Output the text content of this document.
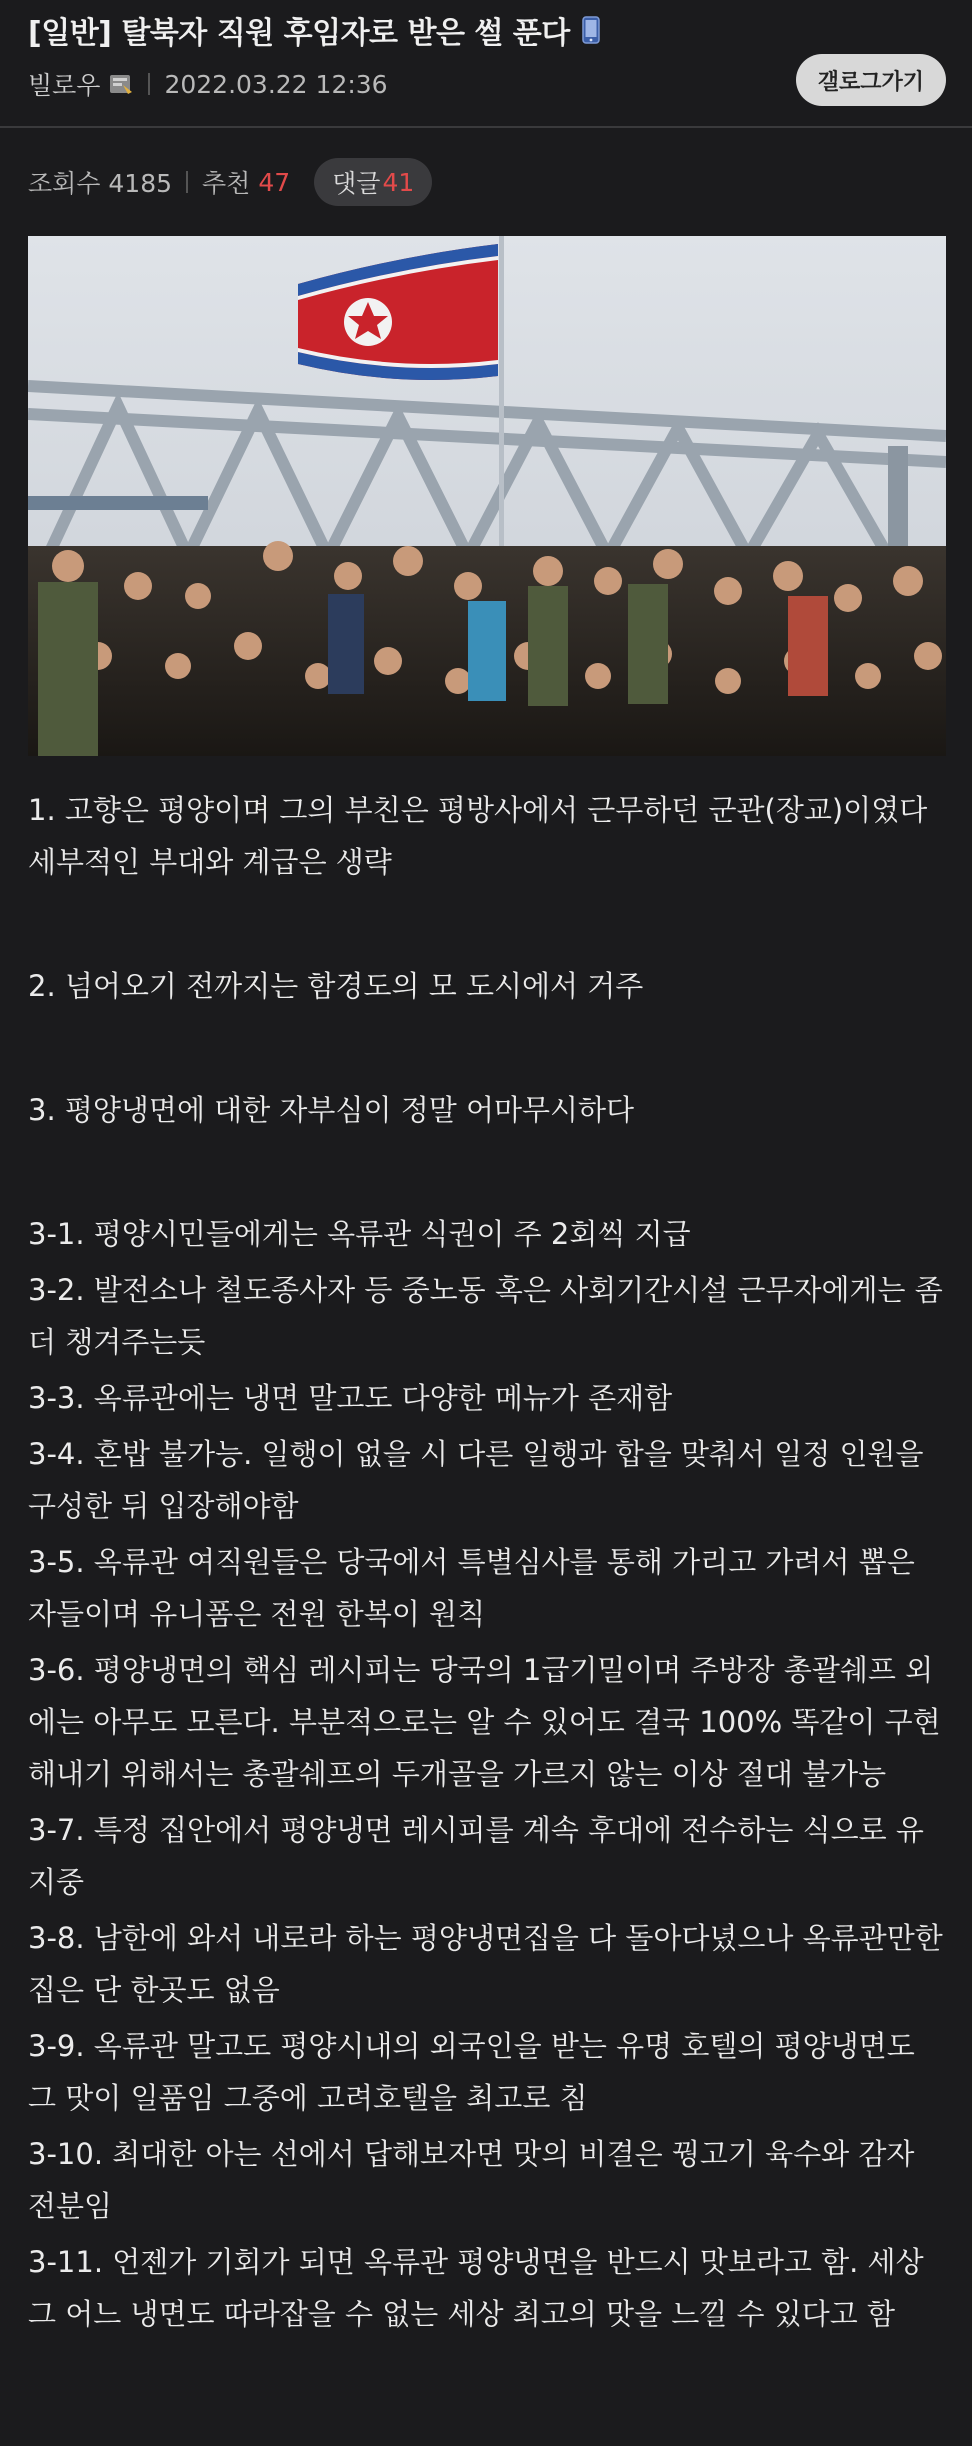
[일반] 탈북자 직원 후임자로 받은 썰 푼다
빌로우	2022.03.22 12:36	갤로그가기
조회수 4185 추천 47 댓글 41

1. 고향은 평양이며 그의 부친은 평방사에서 근무하던 군관(장교)이였다 세부적인 부대와 계급은 생략

2. 넘어오기 전까지는 함경도의 모 도시에서 거주

3. 평양냉면에 대한 자부심이 정말 어마무시하다

3-1. 평양시민들에게는 옥류관 식권이 주 2회씩 지급

3-2. 발전소나 철도종사자 등 중노동 혹은 사회기간시설 근무자에게는 좀 더 챙겨주는듯

3-3. 옥류관에는 냉면 말고도 다양한 메뉴가 존재함

3-4. 혼밥 불가능. 일행이 없을 시 다른 일행과 합을 맞춰서 일정 인원을 구성한 뒤 입장해야함

3-5. 옥류관 여직원들은 당국에서 특별심사를 통해 가리고 가려서 뽑은 자들이며 유니폼은 전원 한복이 원칙

3-6. 평양냉면의 핵심 레시피는 당국의 1급기밀이며 주방장 총괄쉐프 외에는 아무도 모른다. 부분적으로는 알 수 있어도 결국 100% 똑같이 구현해내기 위해서는 총괄쉐프의 두개골을 가르지 않는 이상 절대 불가능

3-7. 특정 집안에서 평양냉면 레시피를 계속 후대에 전수하는 식으로 유지중

3-8. 남한에 와서 내로라 하는 평양냉면집을 다 돌아다녔으나 옥류관만한 집은 단 한곳도 없음

3-9. 옥류관 말고도 평양시내의 외국인을 받는 유명 호텔의 평양냉면도 그 맛이 일품임 그중에 고려호텔을 최고로 침

3-10. 최대한 아는 선에서 답해보자면 맛의 비결은 꿩고기 육수와 감자 전분임

3-11. 언젠가 기회가 되면 옥류관 평양냉면을 반드시 맛보라고 함. 세상 그 어느 냉면도 따라잡을 수 없는 세상 최고의 맛을 느낄 수 있다고 함
